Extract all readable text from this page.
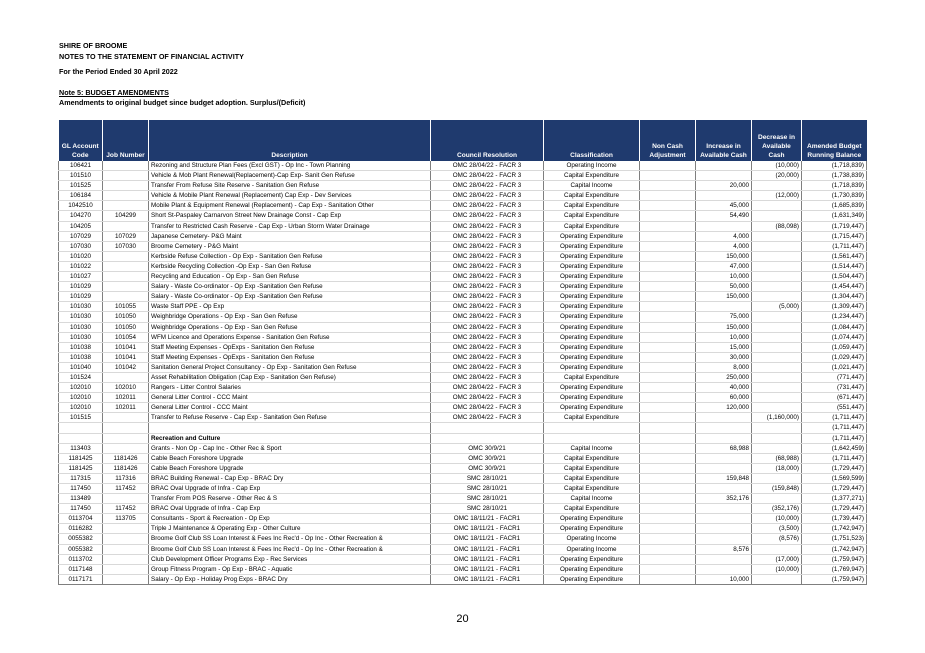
SHIRE OF BROOME
NOTES TO THE STATEMENT OF FINANCIAL ACTIVITY
For the Period Ended 30 April 2022
Note 5: BUDGET AMENDMENTS
Amendments to original budget since budget adoption. Surplus/(Deficit)
GL Account Code	Job Number	Description	Council Resolution	Classification	Non Cash Adjustment	Increase in Available Cash	Decrease in Available Cash	Amended Budget Running Balance
106421		Rezoning and Structure Plan Fees (Excl GST) - Op Inc - Town Planning	OMC 28/04/22 - FACR 3	Operating Income			(10,000)	(1,718,839)
101510		Vehicle & Mob Plant Renewal(Replacement)-Cap Exp- Sanit Gen Refuse	OMC 28/04/22 - FACR 3	Capital Expenditure			(20,000)	(1,738,839)
101525		Transfer From Refuse Site Reserve - Sanitation Gen Refuse	OMC 28/04/22 - FACR 3	Capital Income		20,000		(1,718,839)
106184		Vehicle & Mobile Plant Renewal (Replacement) Cap Exp - Dev Services	OMC 28/04/22 - FACR 3	Capital Expenditure			(12,000)	(1,730,839)
1042510		Mobile Plant & Equipment Renewal (Replacement) - Cap Exp - Sanitation Other	OMC 28/04/22 - FACR 3	Capital Expenditure		45,000		(1,685,839)
104270	104299	Short St-Paspaley Carnarvon Street New Drainage Const - Cap Exp	OMC 28/04/22 - FACR 3	Capital Expenditure		54,490		(1,631,349)
104205		Transfer to Restricted Cash Reserve - Cap Exp - Urban Storm Water Drainage	OMC 28/04/22 - FACR 3	Capital Expenditure			(88,098)	(1,719,447)
107029	107029	Japanese Cemetery- P&G Maint	OMC 28/04/22 - FACR 3	Operating Expenditure		4,000		(1,715,447)
107030	107030	Broome Cemetery - P&G Maint	OMC 28/04/22 - FACR 3	Operating Expenditure		4,000		(1,711,447)
101020		Kerbside Refuse Collection - Op Exp - Sanitation Gen Refuse	OMC 28/04/22 - FACR 3	Operating Expenditure		150,000		(1,561,447)
101022		Kerbside Recycling Collection -Op Exp - San Gen Refuse	OMC 28/04/22 - FACR 3	Operating Expenditure		47,000		(1,514,447)
101027		Recycling and Education - Op Exp - San Gen Refuse	OMC 28/04/22 - FACR 3	Operating Expenditure		10,000		(1,504,447)
101029		Salary - Waste Co-ordinator - Op Exp -Sanitation Gen Refuse	OMC 28/04/22 - FACR 3	Operating Expenditure		50,000		(1,454,447)
101029		Salary - Waste Co-ordinator - Op Exp -Sanitation Gen Refuse	OMC 28/04/22 - FACR 3	Operating Expenditure		150,000		(1,304,447)
101030	101055	Waste Staff PPE - Op Exp	OMC 28/04/22 - FACR 3	Operating Expenditure			(5,000)	(1,309,447)
101030	101050	Weighbridge Operations - Op Exp - San Gen Refuse	OMC 28/04/22 - FACR 3	Operating Expenditure		75,000		(1,234,447)
101030	101050	Weighbridge Operations - Op Exp - San Gen Refuse	OMC 28/04/22 - FACR 3	Operating Expenditure		150,000		(1,084,447)
101030	101054	WFM Licence and Operations Expense - Sanitation Gen Refuse	OMC 28/04/22 - FACR 3	Operating Expenditure		10,000		(1,074,447)
101038	101041	Staff Meeting Expenses - OpExps - Sanitation Gen Refuse	OMC 28/04/22 - FACR 3	Operating Expenditure		15,000		(1,059,447)
101038	101041	Staff Meeting Expenses - OpExps - Sanitation Gen Refuse	OMC 28/04/22 - FACR 3	Operating Expenditure		30,000		(1,029,447)
101040	101042	Sanitation General Project Consultancy - Op Exp - Sanitation Gen Refuse	OMC 28/04/22 - FACR 3	Operating Expenditure		8,000		(1,021,447)
101524		Asset Rehabilitation Obligation (Cap Exp - Sanitation Gen Refuse)	OMC 28/04/22 - FACR 3	Capital Expenditure		250,000		(771,447)
102010	102010	Rangers - Litter Control Salaries	OMC 28/04/22 - FACR 3	Operating Expenditure		40,000		(731,447)
102010	102011	General Litter Control - CCC Maint	OMC 28/04/22 - FACR 3	Operating Expenditure		60,000		(671,447)
102010	102011	General Litter Control - CCC Maint	OMC 28/04/22 - FACR 3	Operating Expenditure		120,000		(551,447)
101515		Transfer to Refuse Reserve - Cap Exp - Sanitation Gen Refuse	OMC 28/04/22 - FACR 3	Capital Expenditure			(1,160,000)	(1,711,447)
								(1,711,447)
		Recreation and Culture						(1,711,447)
113403		Grants - Non Op - Cap Inc - Other Rec & Sport	OMC 30/9/21	Capital Income		68,988		(1,642,459)
1181425	1181426	Cable Beach Foreshore Upgrade	OMC 30/9/21	Capital Expenditure			(68,988)	(1,711,447)
1181425	1181426	Cable Beach Foreshore Upgrade	OMC 30/9/21	Capital Expenditure			(18,000)	(1,729,447)
117315	117316	BRAC Building Renewal - Cap Exp - BRAC Dry	SMC 28/10/21	Capital Expenditure		159,848		(1,569,599)
117450	117452	BRAC Oval Upgrade of Infra - Cap Exp	SMC 28/10/21	Capital Expenditure			(159,848)	(1,729,447)
113489		Transfer From POS Reserve - Other Rec & S	SMC 28/10/21	Capital Income		352,176		(1,377,271)
117450	117452	BRAC Oval Upgrade of Infra - Cap Exp	SMC 28/10/21	Capital Expenditure			(352,176)	(1,729,447)
0113704	113705	Consultants - Sport & Recreation - Op Exp	OMC 18/11/21 - FACR1	Operating Expenditure			(10,000)	(1,739,447)
0116282		Triple J Maintenance & Operating Exp - Other Culture	OMC 18/11/21 - FACR1	Operating Expenditure			(3,500)	(1,742,947)
0055382		Broome Golf Club SS Loan Interest & Fees Inc Rec'd - Op Inc - Other Recreation &	OMC 18/11/21 - FACR1	Operating Income			(8,576)	(1,751,523)
0055382		Broome Golf Club SS Loan Interest & Fees Inc Rec'd - Op Inc - Other Recreation &	OMC 18/11/21 - FACR1	Operating Income		8,576		(1,742,947)
0113702		Club Development Officer Programs Exp - Rec Services	OMC 18/11/21 - FACR1	Operating Expenditure			(17,000)	(1,759,947)
0117148		Group Fitness Program - Op Exp - BRAC - Aquatic	OMC 18/11/21 - FACR1	Operating Expenditure			(10,000)	(1,769,947)
0117171		Salary - Op Exp - Holiday Prog Exps - BRAC Dry	OMC 18/11/21 - FACR1	Operating Expenditure		10,000		(1,759,947)
20
